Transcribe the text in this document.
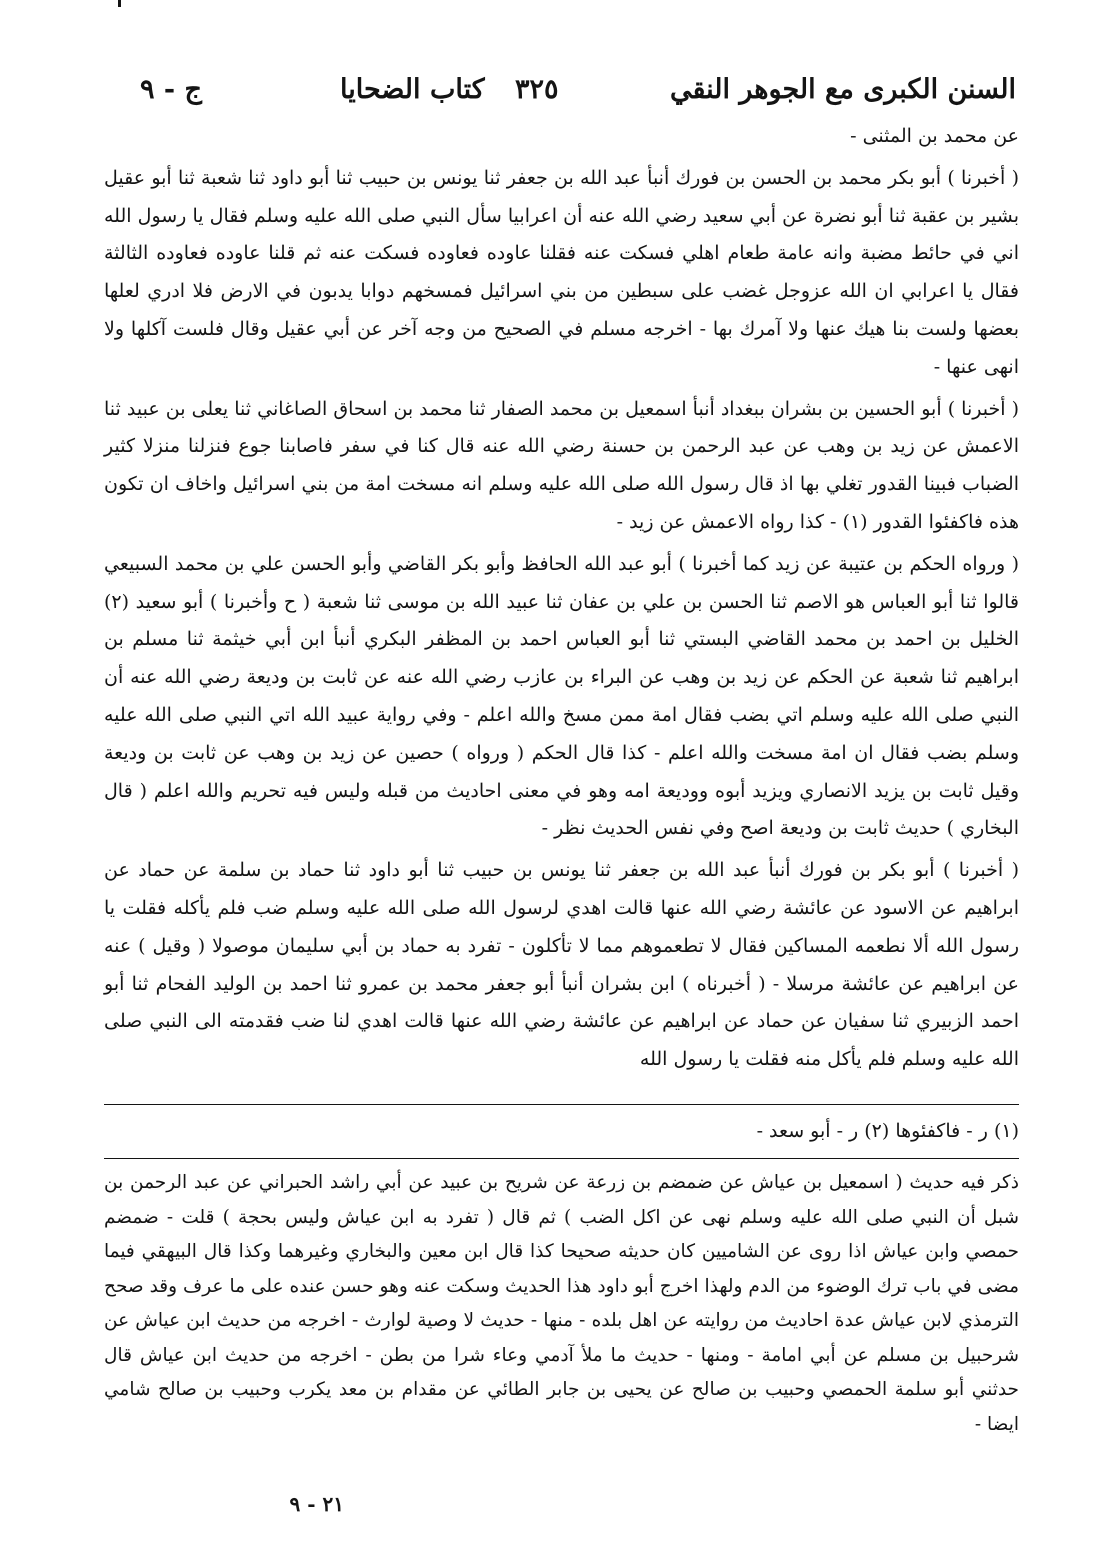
السنن الكبرى مع الجوهر النقي
٣٢٥
كتاب الضحايا
ج - ٩

عن محمد بن المثنى -

( أخبرنا ) أبو بكر محمد بن الحسن بن فورك أنبأ عبد الله بن جعفر ثنا يونس بن حبيب ثنا أبو داود ثنا شعبة ثنا أبو عقيل بشير بن عقبة ثنا أبو نضرة عن أبي سعيد رضي الله عنه أن اعرابيا سأل النبي صلى الله عليه وسلم فقال يا رسول الله اني في حائط مضبة وانه عامة طعام اهلي فسكت عنه فقلنا عاوده فعاوده فسكت عنه ثم قلنا عاوده فعاوده الثالثة فقال يا اعرابي ان الله عزوجل غضب على سبطين من بني اسرائيل فمسخهم دوابا يدبون في الارض فلا ادري لعلها بعضها ولست بنا هيك عنها ولا آمرك بها - اخرجه مسلم في الصحيح من وجه آخر عن أبي عقيل وقال فلست آكلها ولا انهى عنها -

( أخبرنا ) أبو الحسين بن بشران ببغداد أنبأ اسمعيل بن محمد الصفار ثنا محمد بن اسحاق الصاغاني ثنا يعلى بن عبيد ثنا الاعمش عن زيد بن وهب عن عبد الرحمن بن حسنة رضي الله عنه قال كنا في سفر فاصابنا جوع فنزلنا منزلا كثير الضباب فبينا القدور تغلي بها اذ قال رسول الله صلى الله عليه وسلم انه مسخت امة من بني اسرائيل واخاف ان تكون هذه فاكفئوا القدور (١) - كذا رواه الاعمش عن زيد -

( ورواه الحكم بن عتيبة عن زيد كما أخبرنا ) أبو عبد الله الحافظ وأبو بكر القاضي وأبو الحسن علي بن محمد السبيعي قالوا ثنا أبو العباس هو الاصم ثنا الحسن بن علي بن عفان ثنا عبيد الله بن موسى ثنا شعبة ( ح وأخبرنا ) أبو سعيد (٢) الخليل بن احمد بن محمد القاضي البستي ثنا أبو العباس احمد بن المظفر البكري أنبأ ابن أبي خيثمة ثنا مسلم بن ابراهيم ثنا شعبة عن الحكم عن زيد بن وهب عن البراء بن عازب رضي الله عنه عن ثابت بن وديعة رضي الله عنه أن النبي صلى الله عليه وسلم اتي بضب فقال امة ممن مسخ والله اعلم - وفي رواية عبيد الله اتي النبي صلى الله عليه وسلم بضب فقال ان امة مسخت والله اعلم - كذا قال الحكم ( ورواه ) حصين عن زيد بن وهب عن ثابت بن وديعة وقيل ثابت بن يزيد الانصاري ويزيد أبوه ووديعة امه وهو في معنى احاديث من قبله وليس فيه تحريم والله اعلم ( قال البخاري ) حديث ثابت بن وديعة اصح وفي نفس الحديث نظر -

( أخبرنا ) أبو بكر بن فورك أنبأ عبد الله بن جعفر ثنا يونس بن حبيب ثنا أبو داود ثنا حماد بن سلمة عن حماد عن ابراهيم عن الاسود عن عائشة رضي الله عنها قالت اهدي لرسول الله صلى الله عليه وسلم ضب فلم يأكله فقلت يا رسول الله ألا نطعمه المساكين فقال لا تطعموهم مما لا تأكلون - تفرد به حماد بن أبي سليمان موصولا ( وقيل ) عنه عن ابراهيم عن عائشة مرسلا - ( أخبرناه ) ابن بشران أنبأ أبو جعفر محمد بن عمرو ثنا احمد بن الوليد الفحام ثنا أبو احمد الزبيري ثنا سفيان عن حماد عن ابراهيم عن عائشة رضي الله عنها قالت اهدي لنا ضب فقدمته الى النبي صلى الله عليه وسلم فلم يأكل منه فقلت يا رسول الله

(١) ر - فاكفئوها (٢) ر - أبو سعد -

ذكر فيه حديث ( اسمعيل بن عياش عن ضمضم بن زرعة عن شريح بن عبيد عن أبي راشد الحبراني عن عبد الرحمن بن شبل أن النبي صلى الله عليه وسلم نهى عن اكل الضب ) ثم قال ( تفرد به ابن عياش وليس بحجة ) قلت - ضمضم حمصي وابن عياش اذا روى عن الشاميين كان حديثه صحيحا كذا قال ابن معين والبخاري وغيرهما وكذا قال البيهقي فيما مضى في باب ترك الوضوء من الدم ولهذا اخرج أبو داود هذا الحديث وسكت عنه وهو حسن عنده على ما عرف وقد صحح الترمذي لابن عياش عدة احاديث من روايته عن اهل بلده - منها - حديث لا وصية لوارث - اخرجه من حديث ابن عياش عن شرحبيل بن مسلم عن أبي امامة - ومنها - حديث ما ملأ آدمي وعاء شرا من بطن - اخرجه من حديث ابن عياش قال حدثني أبو سلمة الحمصي وحبيب بن صالح عن يحيى بن جابر الطائي عن مقدام بن معد يكرب وحبيب بن صالح شامي ايضا -

٢١ - ٩
